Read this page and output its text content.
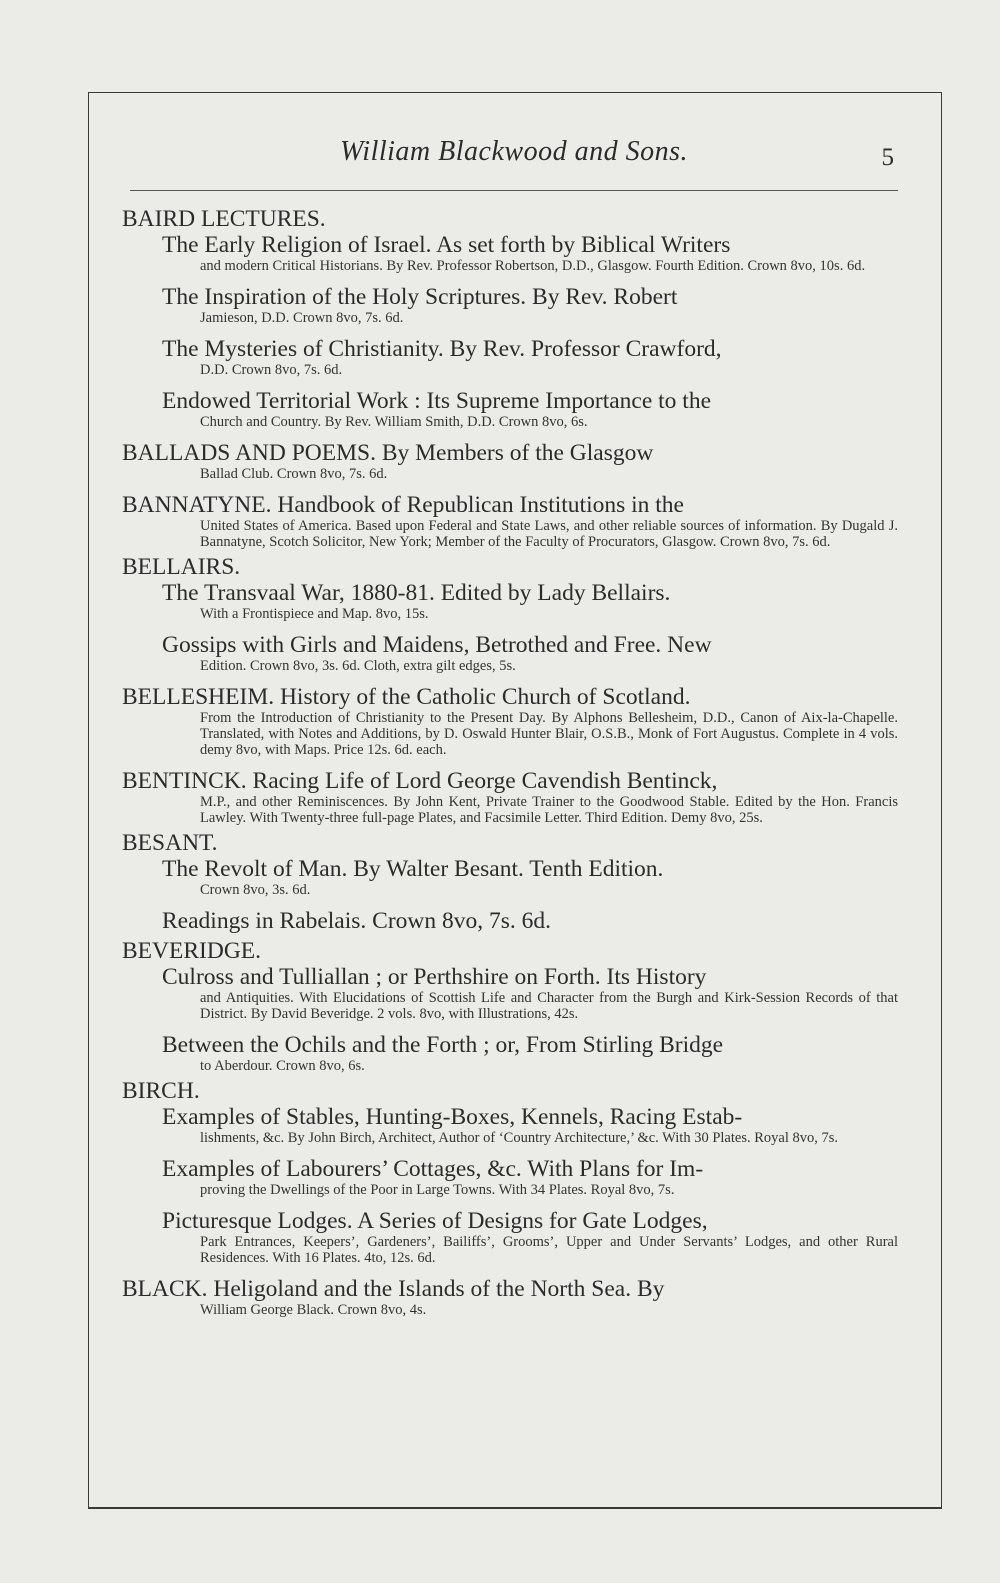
William Blackwood and Sons.	5

BAIRD LECTURES.

The Early Religion of Israel. As set forth by Biblical Writers

and modern Critical Historians. By Rev. Professor Robertson, D.D., Glasgow. Fourth Edition. Crown 8vo, 10s. 6d.

The Inspiration of the Holy Scriptures. By Rev. Robert

Jamieson, D.D. Crown 8vo, 7s. 6d.

The Mysteries of Christianity. By Rev. Professor Crawford,

D.D. Crown 8vo, 7s. 6d.

Endowed Territorial Work : Its Supreme Importance to the

Church and Country. By Rev. William Smith, D.D. Crown 8vo, 6s.

BALLADS AND POEMS. By Members of the Glasgow

Ballad Club. Crown 8vo, 7s. 6d.

BANNATYNE. Handbook of Republican Institutions in the

United States of America. Based upon Federal and State Laws, and other reliable sources of information. By Dugald J. Bannatyne, Scotch Solicitor, New York; Member of the Faculty of Procurators, Glasgow. Crown 8vo, 7s. 6d.

BELLAIRS.

The Transvaal War, 1880-81. Edited by Lady Bellairs.

With a Frontispiece and Map. 8vo, 15s.

Gossips with Girls and Maidens, Betrothed and Free. New

Edition. Crown 8vo, 3s. 6d. Cloth, extra gilt edges, 5s.

BELLESHEIM. History of the Catholic Church of Scotland.

From the Introduction of Christianity to the Present Day. By Alphons Bellesheim, D.D., Canon of Aix-la-Chapelle. Translated, with Notes and Additions, by D. Oswald Hunter Blair, O.S.B., Monk of Fort Augustus. Complete in 4 vols. demy 8vo, with Maps. Price 12s. 6d. each.

BENTINCK. Racing Life of Lord George Cavendish Bentinck,

M.P., and other Reminiscences. By John Kent, Private Trainer to the Goodwood Stable. Edited by the Hon. Francis Lawley. With Twenty-three full-page Plates, and Facsimile Letter. Third Edition. Demy 8vo, 25s.

BESANT.

The Revolt of Man. By Walter Besant. Tenth Edition.

Crown 8vo, 3s. 6d.

Readings in Rabelais. Crown 8vo, 7s. 6d.

BEVERIDGE.

Culross and Tulliallan ; or Perthshire on Forth. Its History

and Antiquities. With Elucidations of Scottish Life and Character from the Burgh and Kirk-Session Records of that District. By David Beveridge. 2 vols. 8vo, with Illustrations, 42s.

Between the Ochils and the Forth ; or, From Stirling Bridge

to Aberdour. Crown 8vo, 6s.

BIRCH.

Examples of Stables, Hunting-Boxes, Kennels, Racing Estab-

lishments, &c. By John Birch, Architect, Author of ‘Country Architecture,’ &c. With 30 Plates. Royal 8vo, 7s.

Examples of Labourers’ Cottages, &c. With Plans for Im-

proving the Dwellings of the Poor in Large Towns. With 34 Plates. Royal 8vo, 7s.

Picturesque Lodges. A Series of Designs for Gate Lodges,

Park Entrances, Keepers’, Gardeners’, Bailiffs’, Grooms’, Upper and Under Servants’ Lodges, and other Rural Residences. With 16 Plates. 4to, 12s. 6d.

BLACK. Heligoland and the Islands of the North Sea. By

William George Black. Crown 8vo, 4s.
